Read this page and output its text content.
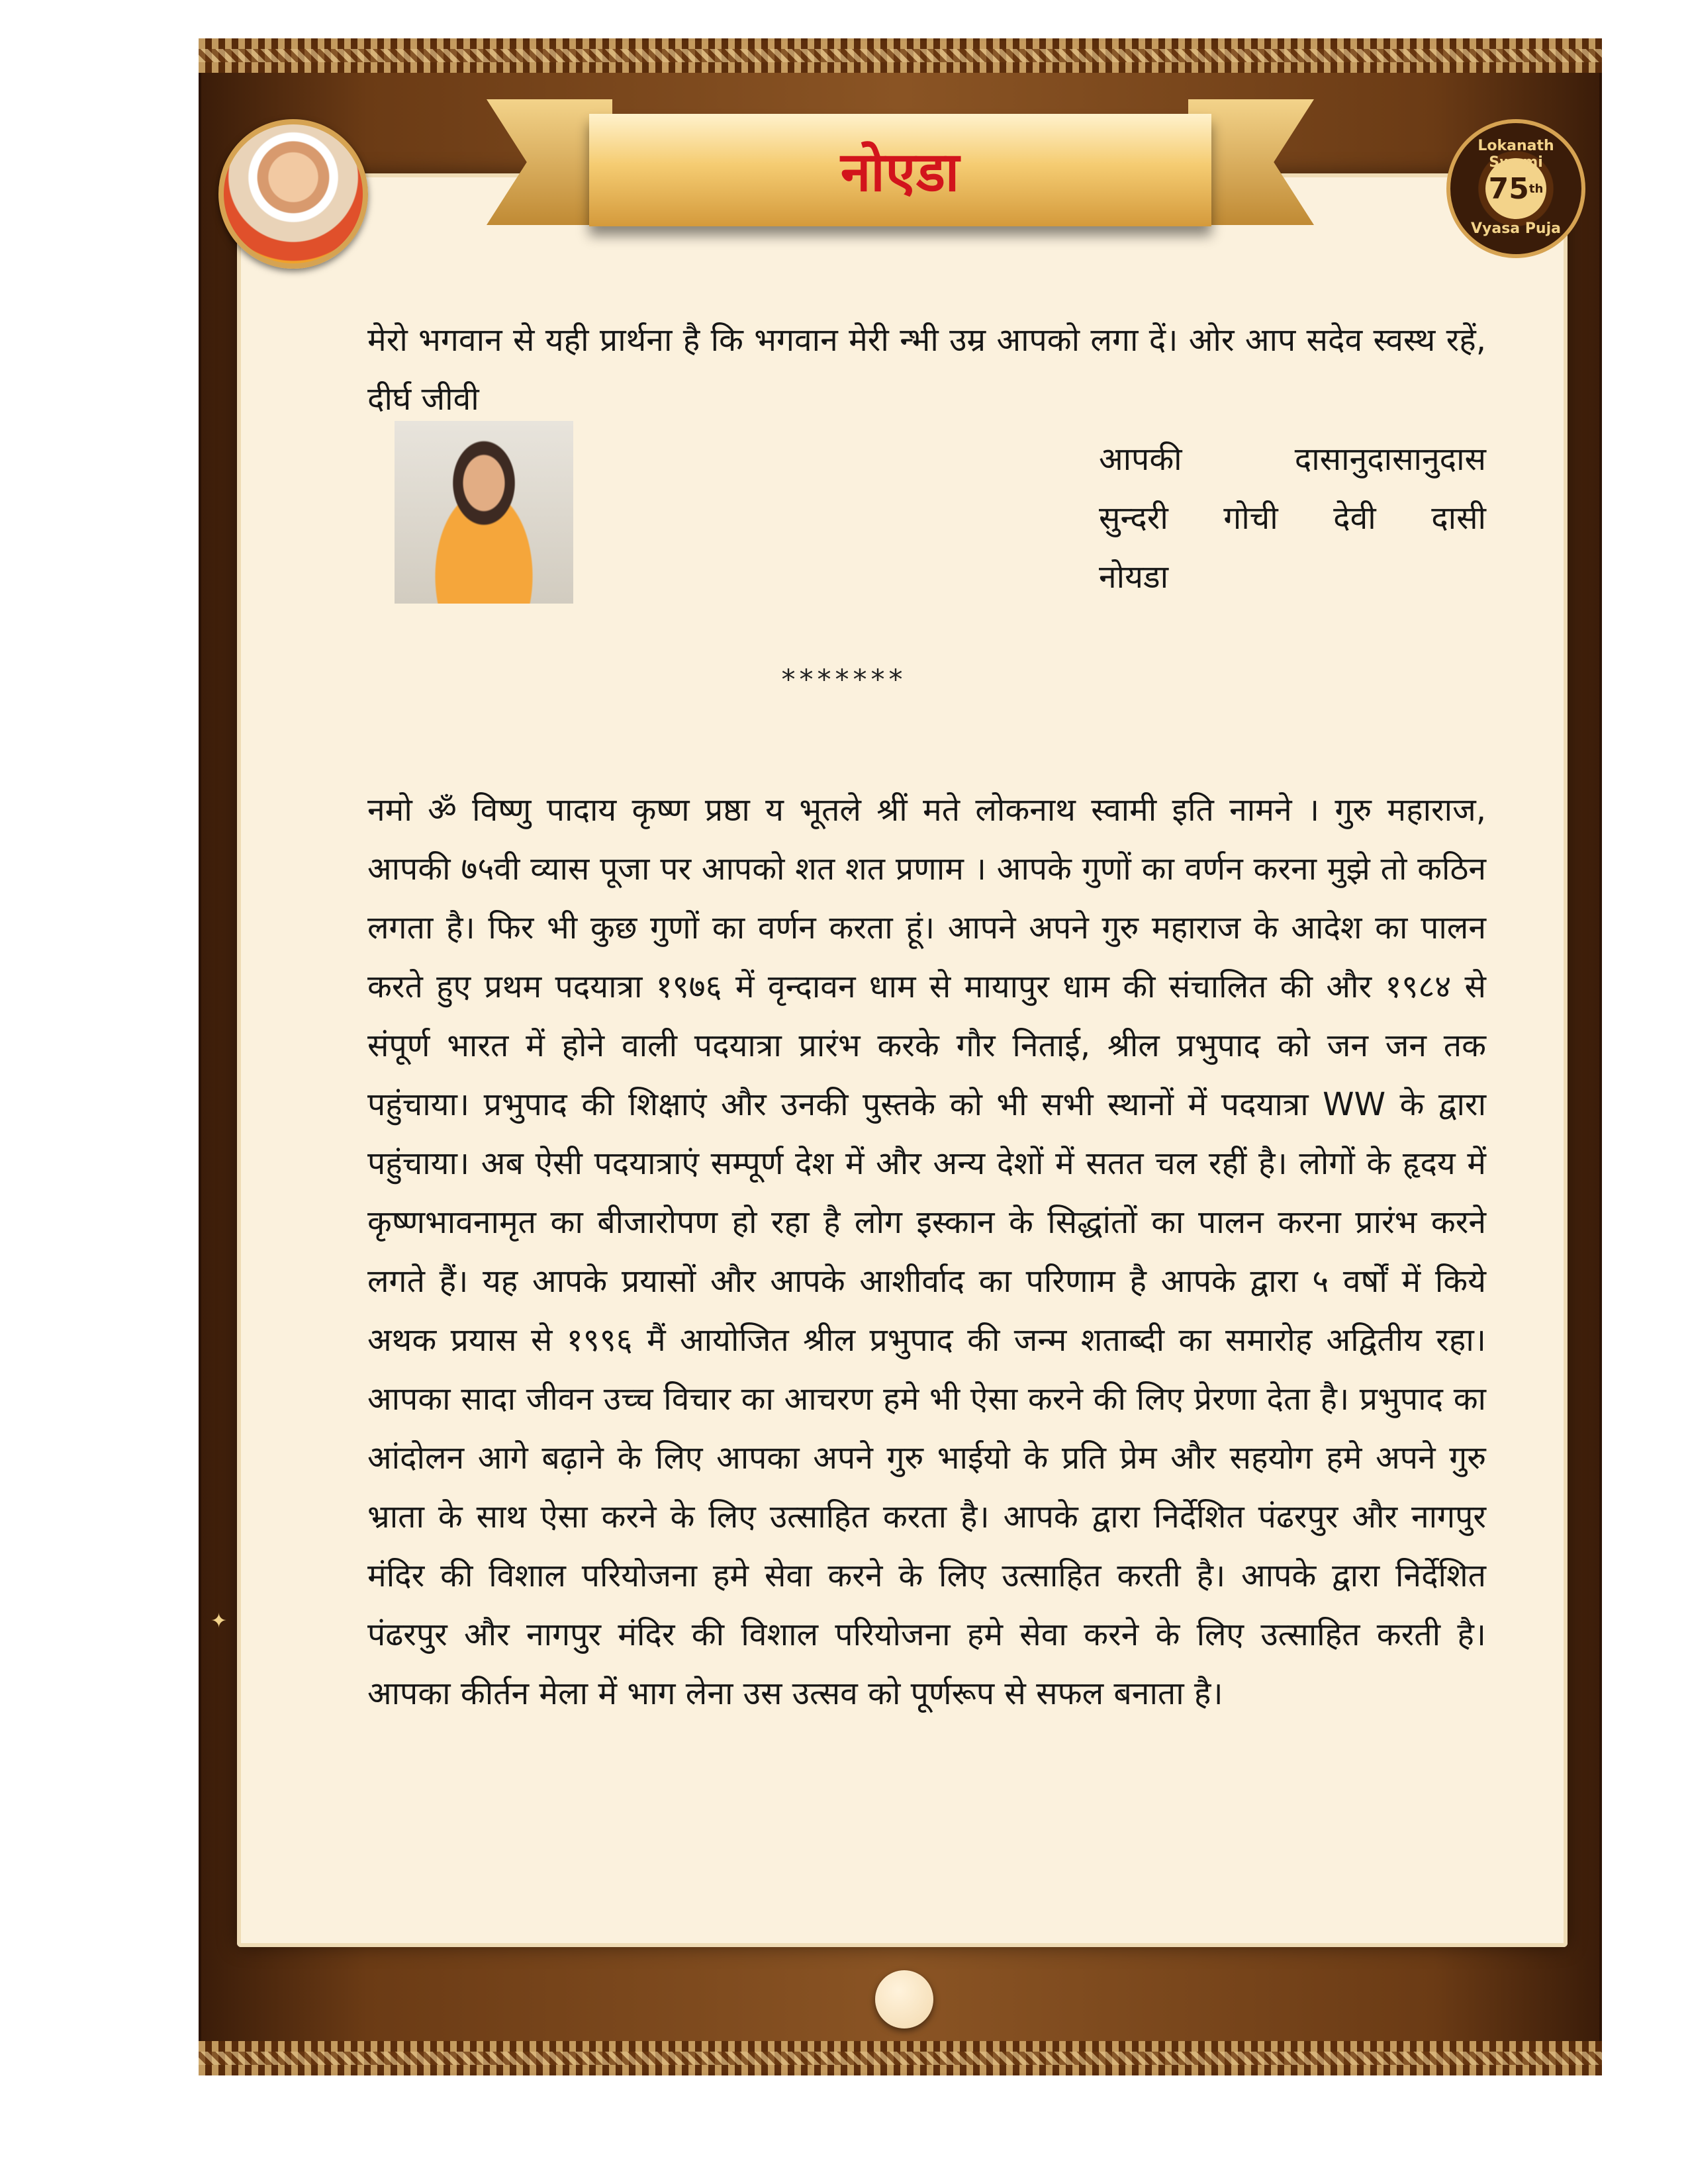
नोएडा	Lokanath Swami
75 th
Vyasa Puja
मेरो भगवान से यही प्रार्थना है कि भगवान मेरी न्भी उम्र आपको लगा दें। ओर आप सदेव स्वस्थ रहें, दीर्घ जीवी
आपकी	दासानुदासानुदास
सुन्दरी गोची देवी दासी
नोयडा
*******
नमो ॐ विष्णु पादाय कृष्ण प्रष्ठा य भूतले श्रीं मते लोकनाथ स्वामी इति नामने । गुरु महाराज, आपकी ७५वी व्यास पूजा पर आपको शत शत प्रणाम । आपके गुणों का वर्णन करना मुझे तो कठिन लगता है। फिर भी कुछ गुणों का वर्णन करता हूं। आपने अपने गुरु महाराज के आदेश का पालन करते हुए प्रथम पदयात्रा १९७६ में वृन्दावन धाम से मायापुर धाम की संचालित की और १९८४ से संपूर्ण भारत में होने वाली पदयात्रा प्रारंभ करके गौर निताई, श्रील प्रभुपाद को जन जन तक पहुंचाया। प्रभुपाद की शिक्षाएं और उनकी पुस्तके को भी सभी स्थानों में पदयात्रा WW के द्वारा पहुंचाया। अब ऐसी पदयात्राएं सम्पूर्ण देश में और अन्य देशों में सतत चल रहीं है। लोगों के हृदय में कृष्णभावनामृत का बीजारोपण हो रहा है लोग इस्कान के सिद्धांतों का पालन करना प्रारंभ करने लगते हैं। यह आपके प्रयासों और आपके आशीर्वाद का परिणाम है आपके द्वारा ५ वर्षों में किये अथक प्रयास से १९९६ मैं आयोजित श्रील प्रभुपाद की जन्म शताब्दी का समारोह अद्वितीय रहा। आपका सादा जीवन उच्च विचार का आचरण हमे भी ऐसा करने की लिए प्रेरणा देता है। प्रभुपाद का आंदोलन आगे बढ़ाने के लिए आपका अपने गुरु भाईयो के प्रति प्रेम और सहयोग हमे अपने गुरु भ्राता के साथ ऐसा करने के लिए उत्साहित करता है। आपके द्वारा निर्देशित पंढरपुर और नागपुर मंदिर की विशाल परियोजना हमे सेवा करने के लिए उत्साहित करती है। आपके द्वारा निर्देशित पंढरपुर और नागपुर मंदिर की विशाल परियोजना हमे सेवा करने के लिए उत्साहित करती है। आपका कीर्तन मेला में भाग लेना उस उत्सव को पूर्णरूप से सफल बनाता है।
✦
